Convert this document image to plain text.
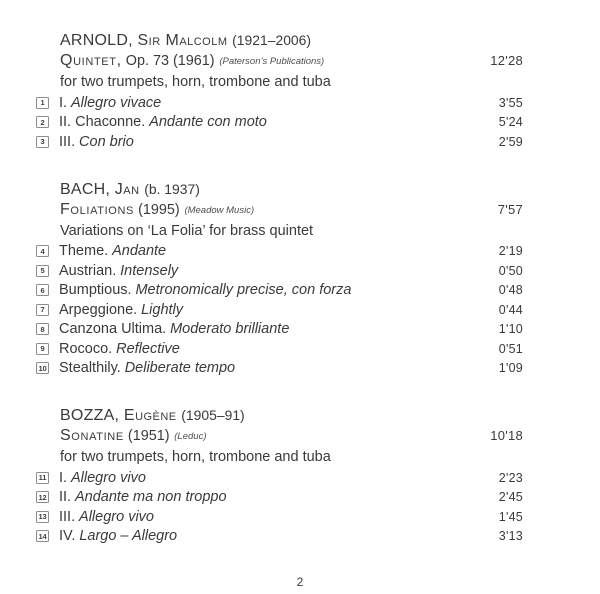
ARNOLD, Sir Malcolm (1921–2006)
Quintet, Op. 73 (1961) (Paterson’s Publications)	12'28
for two trumpets, horn, trombone and tuba
1 I. Allegro vivace	3'55
2 II. Chaconne. Andante con moto	5'24
3 III. Con brio	2'59
BACH, Jan (b. 1937)
Foliations (1995) (Meadow Music)	7'57
Variations on ‘La Folia’ for brass quintet
4 Theme. Andante	2'19
5 Austrian. Intensely	0'50
6 Bumptious. Metronomically precise, con forza	0'48
7 Arpeggione. Lightly	0'44
8 Canzona Ultima. Moderato brilliante	1'10
9 Rococo. Reflective	0'51
10 Stealthily. Deliberate tempo	1'09
BOZZA, Eugène (1905–91)
Sonatine (1951) (Leduc)	10'18
for two trumpets, horn, trombone and tuba
11 I. Allegro vivo	2'23
12 II. Andante ma non troppo	2'45
13 III. Allegro vivo	1'45
14 IV. Largo – Allegro	3'13
2
